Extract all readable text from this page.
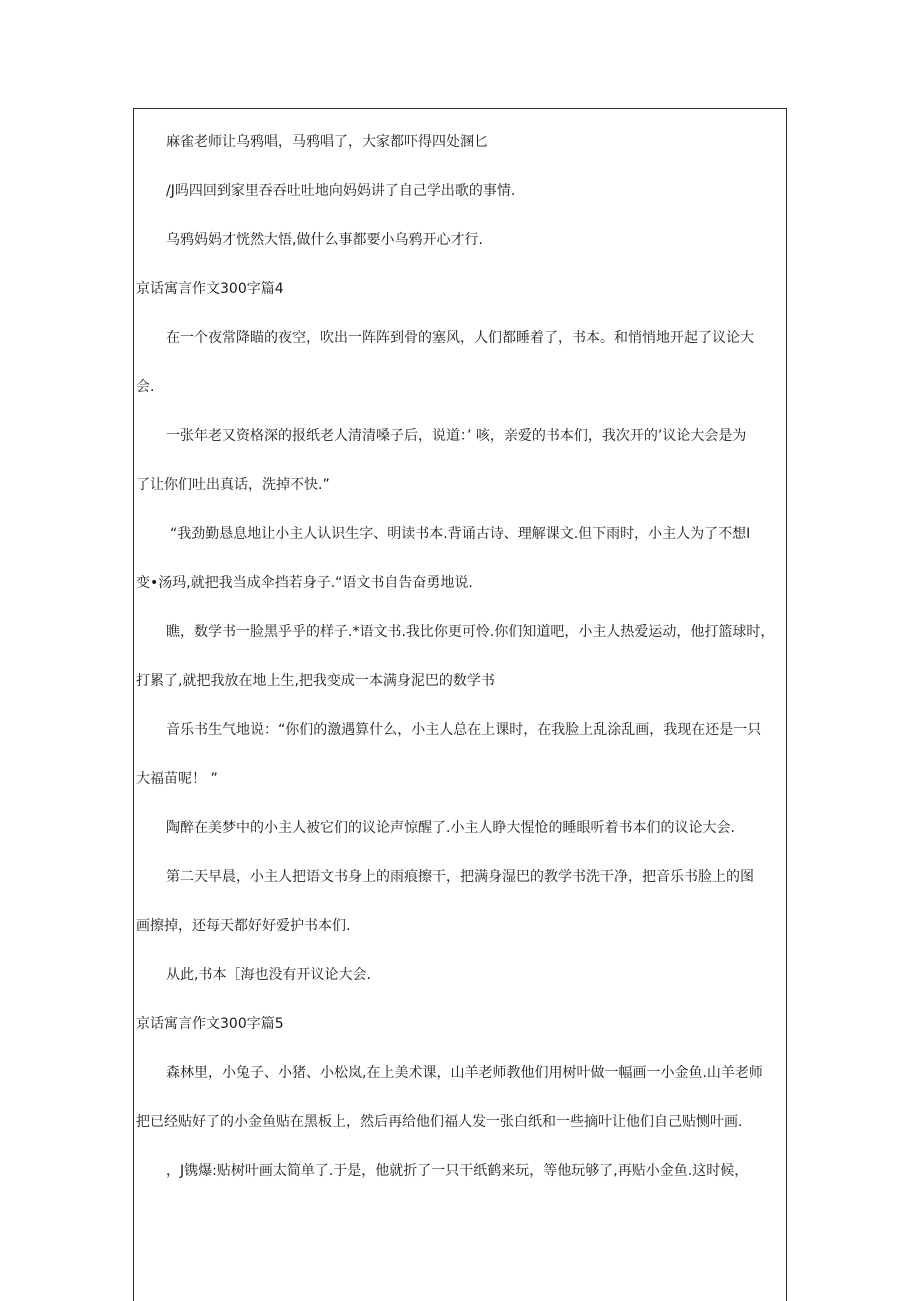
麻雀老师让乌鸦唱，马鸦唱了，大家都吓得四处溷匕
/J吗四回到家里吞吞吐吐地向妈妈讲了自己学出歌的事情.
乌鸦妈妈才恍然大悟,做什么事都要小乌鸦开心才行.
京话寓言作文300字篇4
在一个夜常降瞄的夜空，吹出一阵阵到骨的塞风，人们都睡着了，书本。和悄悄地开起了议论大
会.
一张年老又资格深的报纸老人清清嗓子后，说道：’ 咳，亲爱的书本们，我次开的’议论大会是为
了让你们吐出真话，洗掉不快.”
“我劲勤恳息地让小主人认识生字、明读书本.背诵古诗、理解课文.但下雨时，小主人为了不想I
变•汤玛,就把我当成伞挡若身子.“语文书自告奋勇地说.
瞧，数学书一脸黑乎乎的样子.*语文书.我比你更可怜.你们知道吧，小主人热爱运动，他打篮球时，
打累了,就把我放在地上生,把我变成一本满身泥巴的数学书
音乐书生气地说：“你们的激遇算什么，小主人总在上课时，在我脸上乱涂乱画，我现在还是一只
大福苗呢！ ”
陶醉在美梦中的小主人被它们的议论声惊醒了.小主人睁大惺怆的睡眼听着书本们的议论大会.
第二天早晨，小主人把语文书身上的雨痕擦干，把满身湿巴的教学书洗干净，把音乐书脸上的图
画擦掉，还每天都好好爱护书本们.
从此,书本［海也没有开议论大会.
京话寓言作文300字篇5
森林里，小兔子、小猪、小松岚,在上美术课，山羊老师教他们用树叶做一幅画一小金鱼.山羊老师
把已经贴好了的小金鱼贴在黑板上，然后再给他们福人发一张白纸和一些摘叶让他们自己贴恻叶画.
，J镌爆:贴树叶画太简单了.于是，他就折了一只干纸鹤来玩，等他玩够了,再贴小金鱼.这时候，
